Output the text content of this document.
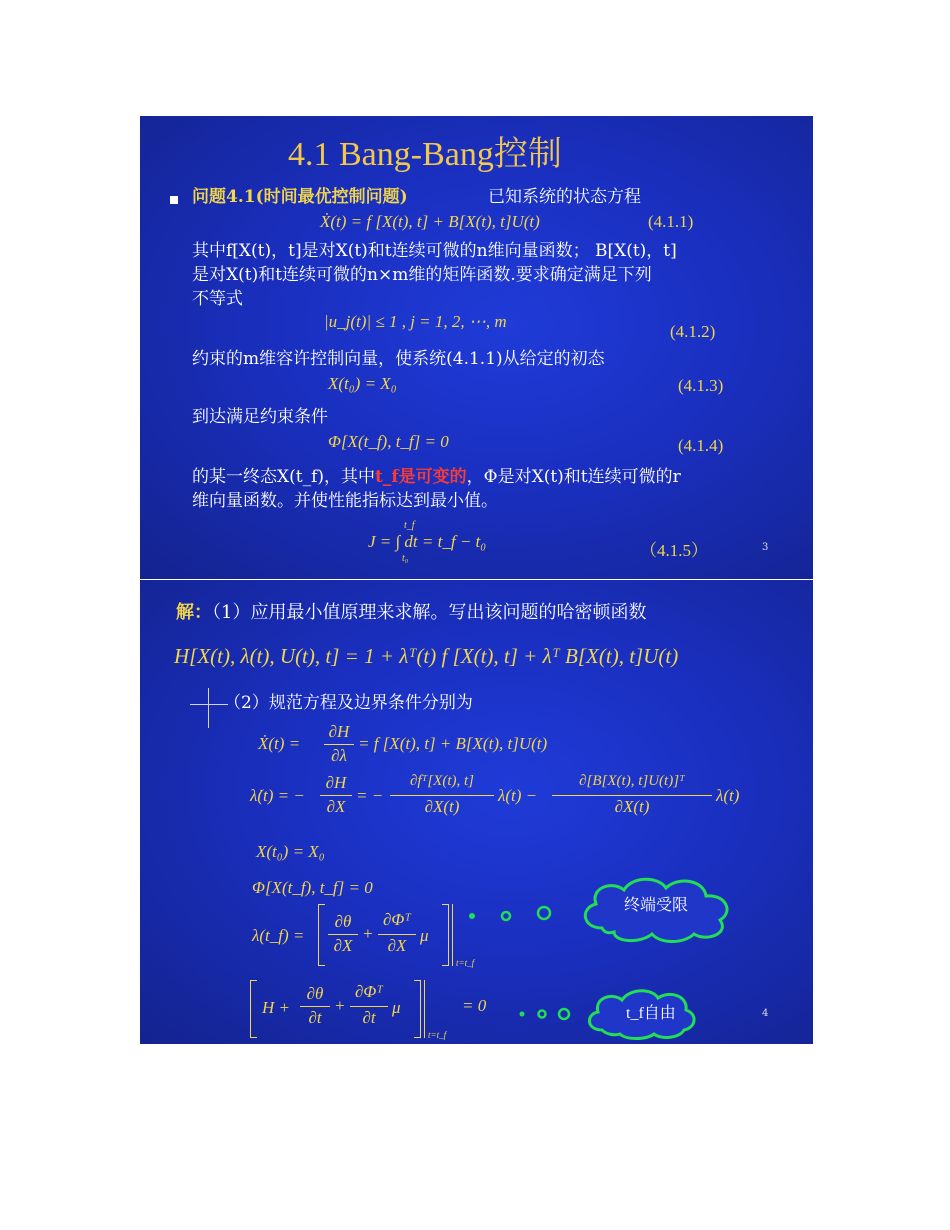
4.1 Bang-Bang控制
问题4.1(时间最优控制问题)	已知系统的状态方程
Ẋ(t) = f [X(t), t] + B[X(t), t]U(t)	(4.1.1)
其中f[X(t)，t]是对X(t)和t连续可微的n维向量函数； B[X(t)，t]
是对X(t)和t连续可微的n×m维的矩阵函数.要求确定满足下列
不等式
|u_j(t)| ≤ 1 , j = 1, 2, ⋯, m
(4.1.2)
约束的m维容许控制向量，使系统(4.1.1)从给定的初态
X(t₀) = X₀	(4.1.3)
到达满足约束条件
Φ[X(t_f), t_f] = 0	(4.1.4)
的某一终态X(t_f)，其中t_f是可变的，Φ是对X(t)和t连续可微的r
维向量函数。并使性能指标达到最小值。
J = ∫ dt = t_f − t₀
t_f
t₀	（4.1.5）	3
解：（1）应用最小值原理来求解。写出该问题的哈密顿函数
H[X(t), λ(t), U(t), t] = 1 + λᵀ(t) f [X(t), t] + λᵀ B[X(t), t]U(t)
（2）规范方程及边界条件分别为
Ẋ(t) =
∂H
∂λ
= f [X(t), t] + B[X(t), t]U(t)
λ̇(t) = −
∂H
∂X
= −
∂fᵀ[X(t), t]
∂X(t)
λ(t) −
∂[B[X(t), t]U(t)]ᵀ
∂X(t)
λ(t)
X(t₀) = X₀
Φ[X(t_f), t_f] = 0
λ(t_f) =
∂θ
∂X
+
∂Φᵀ
∂X
μ
t=t_f
H +
∂θ
∂t
+
∂Φᵀ
∂t
μ
t=t_f
= 0
终端受限
t_f自由	4
